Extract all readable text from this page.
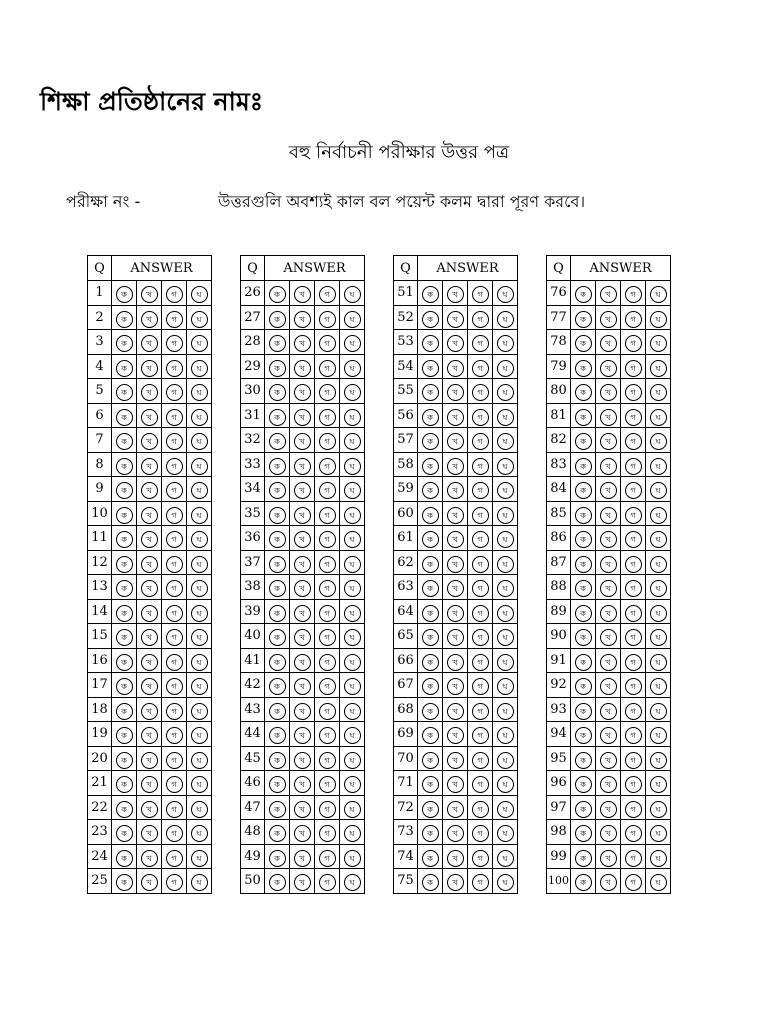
শিক্ষা প্রতিষ্ঠানের নামঃ
বহু নির্বাচনী পরীক্ষার উত্তর পত্র
পরীক্ষা নং -	উত্তরগুলি অবশ্যই কাল বল পয়েন্ট কলম দ্বারা পূরণ করবে।
Q	ANSWER			
1	ক	খ	গ	ঘ
2	ক	খ	গ	ঘ
3	ক	খ	গ	ঘ
4	ক	খ	গ	ঘ
5	ক	খ	গ	ঘ
6	ক	খ	গ	ঘ
7	ক	খ	গ	ঘ
8	ক	খ	গ	ঘ
9	ক	খ	গ	ঘ
10	ক	খ	গ	ঘ
11	ক	খ	গ	ঘ
12	ক	খ	গ	ঘ
13	ক	খ	গ	ঘ
14	ক	খ	গ	ঘ
15	ক	খ	গ	ঘ
16	ক	খ	গ	ঘ
17	ক	খ	গ	ঘ
18	ক	খ	গ	ঘ
19	ক	খ	গ	ঘ
20	ক	খ	গ	ঘ
21	ক	খ	গ	ঘ
22	ক	খ	গ	ঘ
23	ক	খ	গ	ঘ
24	ক	খ	গ	ঘ
25	ক	খ	গ	ঘ
Q	ANSWER			
26	ক	খ	গ	ঘ
27	ক	খ	গ	ঘ
28	ক	খ	গ	ঘ
29	ক	খ	গ	ঘ
30	ক	খ	গ	ঘ
31	ক	খ	গ	ঘ
32	ক	খ	গ	ঘ
33	ক	খ	গ	ঘ
34	ক	খ	গ	ঘ
35	ক	খ	গ	ঘ
36	ক	খ	গ	ঘ
37	ক	খ	গ	ঘ
38	ক	খ	গ	ঘ
39	ক	খ	গ	ঘ
40	ক	খ	গ	ঘ
41	ক	খ	গ	ঘ
42	ক	খ	গ	ঘ
43	ক	খ	গ	ঘ
44	ক	খ	গ	ঘ
45	ক	খ	গ	ঘ
46	ক	খ	গ	ঘ
47	ক	খ	গ	ঘ
48	ক	খ	গ	ঘ
49	ক	খ	গ	ঘ
50	ক	খ	গ	ঘ
Q	ANSWER			
51	ক	খ	গ	ঘ
52	ক	খ	গ	ঘ
53	ক	খ	গ	ঘ
54	ক	খ	গ	ঘ
55	ক	খ	গ	ঘ
56	ক	খ	গ	ঘ
57	ক	খ	গ	ঘ
58	ক	খ	গ	ঘ
59	ক	খ	গ	ঘ
60	ক	খ	গ	ঘ
61	ক	খ	গ	ঘ
62	ক	খ	গ	ঘ
63	ক	খ	গ	ঘ
64	ক	খ	গ	ঘ
65	ক	খ	গ	ঘ
66	ক	খ	গ	ঘ
67	ক	খ	গ	ঘ
68	ক	খ	গ	ঘ
69	ক	খ	গ	ঘ
70	ক	খ	গ	ঘ
71	ক	খ	গ	ঘ
72	ক	খ	গ	ঘ
73	ক	খ	গ	ঘ
74	ক	খ	গ	ঘ
75	ক	খ	গ	ঘ
Q	ANSWER			
76	ক	খ	গ	ঘ
77	ক	খ	গ	ঘ
78	ক	খ	গ	ঘ
79	ক	খ	গ	ঘ
80	ক	খ	গ	ঘ
81	ক	খ	গ	ঘ
82	ক	খ	গ	ঘ
83	ক	খ	গ	ঘ
84	ক	খ	গ	ঘ
85	ক	খ	গ	ঘ
86	ক	খ	গ	ঘ
87	ক	খ	গ	ঘ
88	ক	খ	গ	ঘ
89	ক	খ	গ	ঘ
90	ক	খ	গ	ঘ
91	ক	খ	গ	ঘ
92	ক	খ	গ	ঘ
93	ক	খ	গ	ঘ
94	ক	খ	গ	ঘ
95	ক	খ	গ	ঘ
96	ক	খ	গ	ঘ
97	ক	খ	গ	ঘ
98	ক	খ	গ	ঘ
99	ক	খ	গ	ঘ
100	ক	খ	গ	ঘ
